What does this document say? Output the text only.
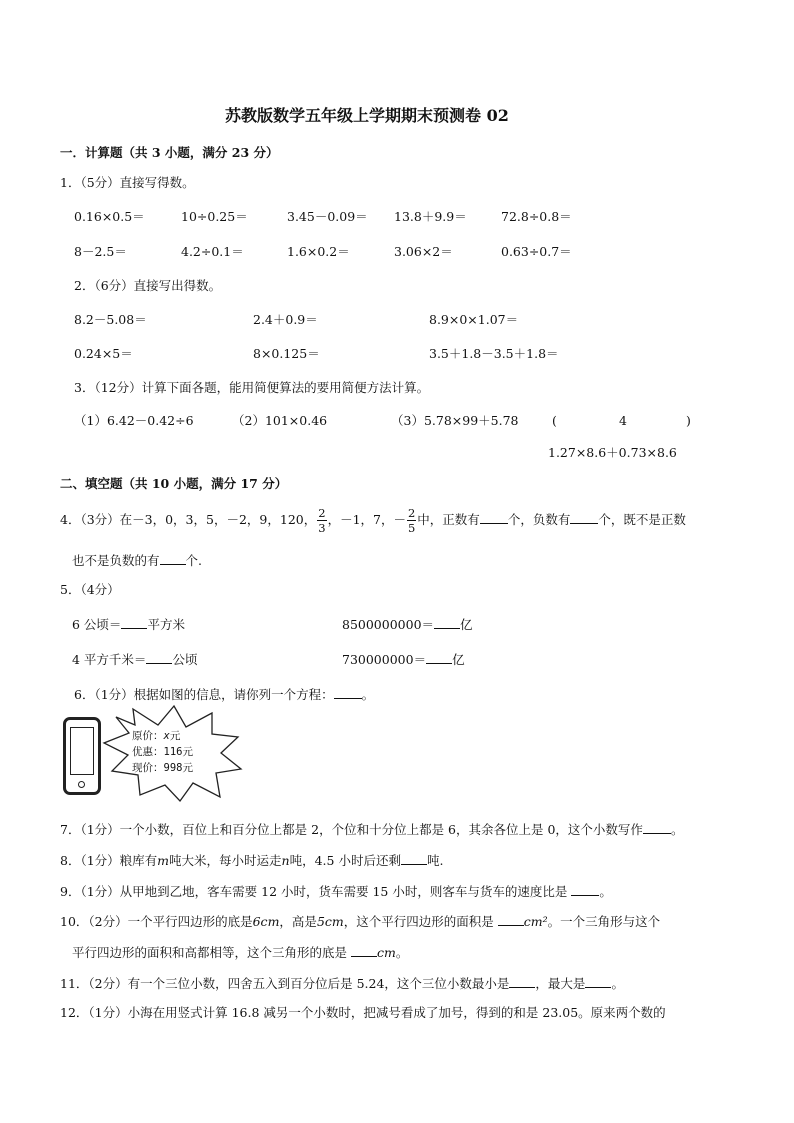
苏教版数学五年级上学期期末预测卷 02
一．计算题（共 3 小题，满分 23 分）
1．（5分）直接写得数。
0.16×0.5＝	10÷0.25＝	3.45－0.09＝ 13.8＋9.9＝	72.8÷0.8＝
8－2.5＝	4.2÷0.1＝	1.6×0.2＝	3.06×2＝	0.63÷0.7＝
2．（6分）直接写出得数。
8.2－5.08＝	2.4＋0.9＝	8.9×0×1.07＝
0.24×5＝	8×0.125＝	3.5＋1.8－3.5＋1.8＝
3．（12分）计算下面各题，能用简便算法的要用简便方法计算。
（1）6.42－0.42÷6	（2）101×0.46	（3）5.78×99＋5.78	(	4	)
1.27×8.6＋0.73×8.6
二、填空题（共 10 小题，满分 17 分）
4．（3分）在－3，0，3，5，－2，9，120， $\frac{2}{3}$ ，－1，7，－ $\frac{2}{5}$ 中，正数有 个，负数有 个，既不是正数
也不是负数的有 个.
5．（4分）
6 公顷＝ 平方米	8500000000＝ 亿
4 平方千米＝ 公顷	730000000＝ 亿
6．（1分）根据如图的信息，请你列一个方程： 。
原价：x元
优惠：116元
现价：998元
7．（1分）一个小数，百位上和百分位上都是 2，个位和十分位上都是 6，其余各位上是 0，这个小数写作 。
8．（1分）粮库有m吨大米，每小时运走n吨，4.5 小时后还剩 吨.
9．（1分）从甲地到乙地，客车需要 12 小时，货车需要 15 小时，则客车与货车的速度比是	。
10．（2分）一个平行四边形的底是6cm，高是5cm，这个平行四边形的面积是 cm²。一个三角形与这个
平行四边形的面积和高都相等，这个三角形的底是 cm。
11．（2分）有一个三位小数，四舍五入到百分位后是 5.24，这个三位小数最小是 ，最大是 。
12．（1分）小海在用竖式计算 16.8 减另一个小数时，把减号看成了加号，得到的和是 23.05。原来两个数的
